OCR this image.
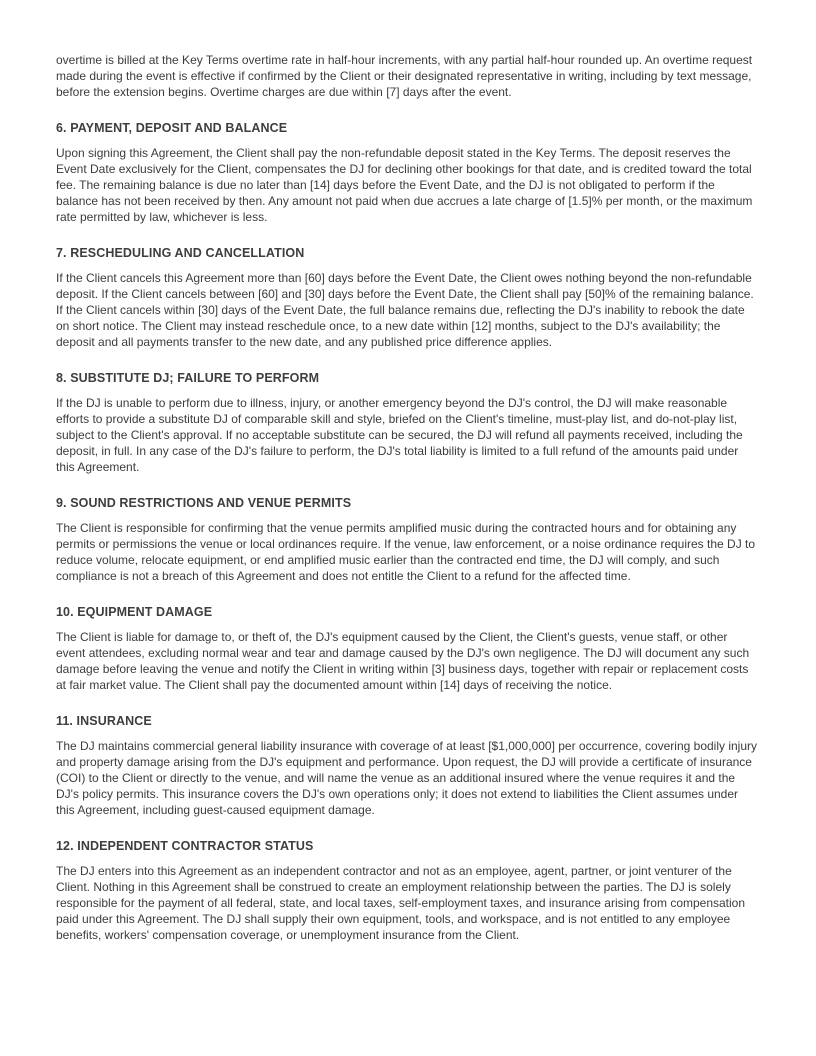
overtime is billed at the Key Terms overtime rate in half-hour increments, with any partial half-hour rounded up. An overtime request made during the event is effective if confirmed by the Client or their designated representative in writing, including by text message, before the extension begins. Overtime charges are due within [7] days after the event.

6. PAYMENT, DEPOSIT AND BALANCE

Upon signing this Agreement, the Client shall pay the non-refundable deposit stated in the Key Terms. The deposit reserves the Event Date exclusively for the Client, compensates the DJ for declining other bookings for that date, and is credited toward the total fee. The remaining balance is due no later than [14] days before the Event Date, and the DJ is not obligated to perform if the balance has not been received by then. Any amount not paid when due accrues a late charge of [1.5]% per month, or the maximum rate permitted by law, whichever is less.

7. RESCHEDULING AND CANCELLATION

If the Client cancels this Agreement more than [60] days before the Event Date, the Client owes nothing beyond the non-refundable deposit. If the Client cancels between [60] and [30] days before the Event Date, the Client shall pay [50]% of the remaining balance. If the Client cancels within [30] days of the Event Date, the full balance remains due, reflecting the DJ's inability to rebook the date on short notice. The Client may instead reschedule once, to a new date within [12] months, subject to the DJ's availability; the deposit and all payments transfer to the new date, and any published price difference applies.

8. SUBSTITUTE DJ; FAILURE TO PERFORM

If the DJ is unable to perform due to illness, injury, or another emergency beyond the DJ's control, the DJ will make reasonable efforts to provide a substitute DJ of comparable skill and style, briefed on the Client's timeline, must-play list, and do-not-play list, subject to the Client's approval. If no acceptable substitute can be secured, the DJ will refund all payments received, including the deposit, in full. In any case of the DJ's failure to perform, the DJ's total liability is limited to a full refund of the amounts paid under this Agreement.

9. SOUND RESTRICTIONS AND VENUE PERMITS

The Client is responsible for confirming that the venue permits amplified music during the contracted hours and for obtaining any permits or permissions the venue or local ordinances require. If the venue, law enforcement, or a noise ordinance requires the DJ to reduce volume, relocate equipment, or end amplified music earlier than the contracted end time, the DJ will comply, and such compliance is not a breach of this Agreement and does not entitle the Client to a refund for the affected time.

10. EQUIPMENT DAMAGE

The Client is liable for damage to, or theft of, the DJ's equipment caused by the Client, the Client's guests, venue staff, or other event attendees, excluding normal wear and tear and damage caused by the DJ's own negligence. The DJ will document any such damage before leaving the venue and notify the Client in writing within [3] business days, together with repair or replacement costs at fair market value. The Client shall pay the documented amount within [14] days of receiving the notice.

11. INSURANCE

The DJ maintains commercial general liability insurance with coverage of at least [$1,000,000] per occurrence, covering bodily injury and property damage arising from the DJ's equipment and performance. Upon request, the DJ will provide a certificate of insurance (COI) to the Client or directly to the venue, and will name the venue as an additional insured where the venue requires it and the DJ's policy permits. This insurance covers the DJ's own operations only; it does not extend to liabilities the Client assumes under this Agreement, including guest-caused equipment damage.

12. INDEPENDENT CONTRACTOR STATUS

The DJ enters into this Agreement as an independent contractor and not as an employee, agent, partner, or joint venturer of the Client. Nothing in this Agreement shall be construed to create an employment relationship between the parties. The DJ is solely responsible for the payment of all federal, state, and local taxes, self-employment taxes, and insurance arising from compensation paid under this Agreement. The DJ shall supply their own equipment, tools, and workspace, and is not entitled to any employee benefits, workers' compensation coverage, or unemployment insurance from the Client.
